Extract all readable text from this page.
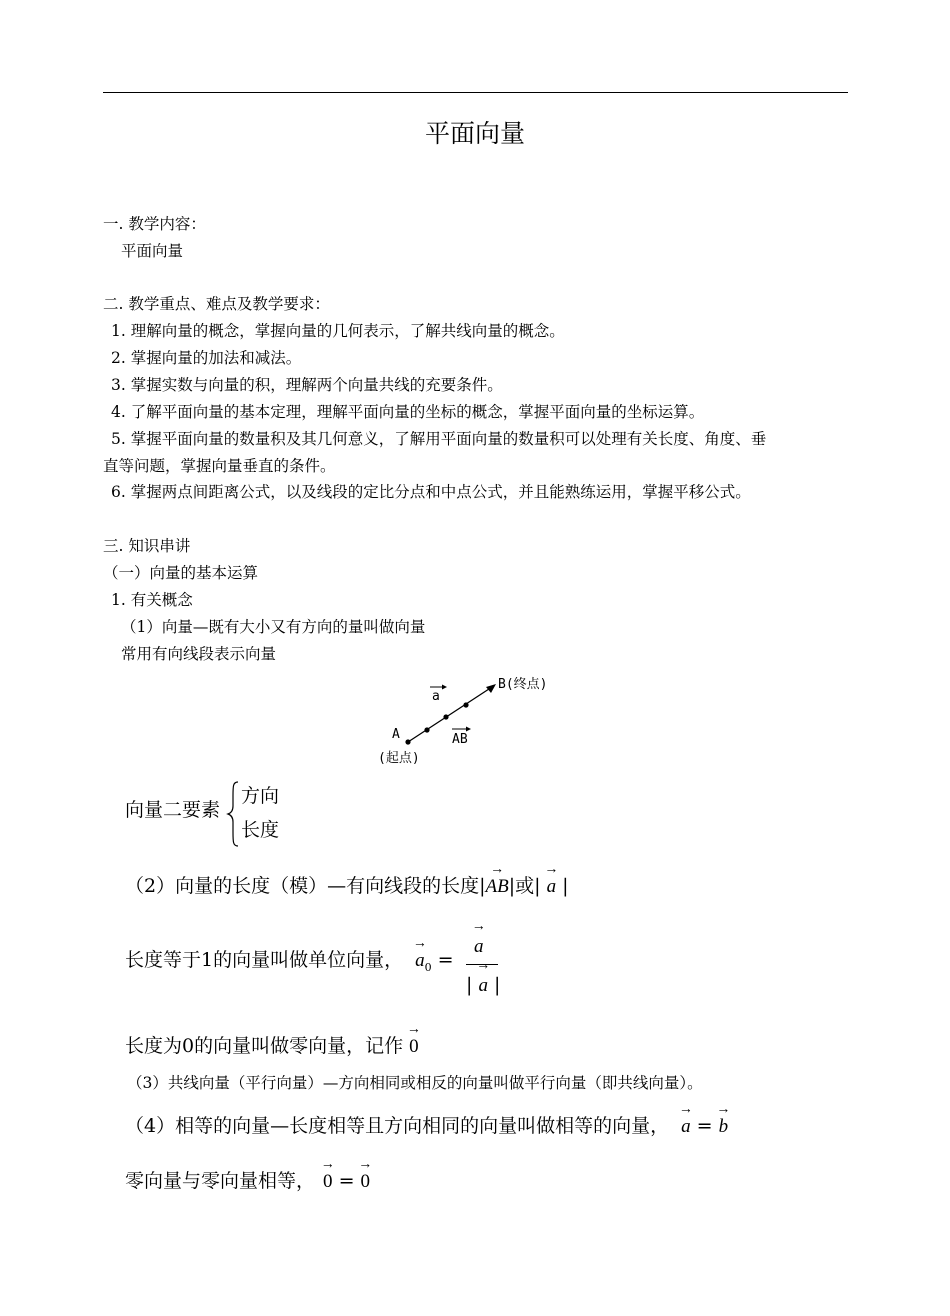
平面向量
一. 教学内容：
平面向量
二. 教学重点、难点及教学要求：
1. 理解向量的概念，掌握向量的几何表示，了解共线向量的概念。
2. 掌握向量的加法和减法。
3. 掌握实数与向量的积，理解两个向量共线的充要条件。
4. 了解平面向量的基本定理，理解平面向量的坐标的概念，掌握平面向量的坐标运算。
5. 掌握平面向量的数量积及其几何意义，了解用平面向量的数量积可以处理有关长度、角度、垂
直等问题，掌握向量垂直的条件。
6. 掌握两点间距离公式，以及线段的定比分点和中点公式，并且能熟练运用，掌握平移公式。
三. 知识串讲
（一）向量的基本运算
1. 有关概念
（1）向量—既有大小又有方向的量叫做向量
常用有向线段表示向量
a
B(终点)
AB
A
(起点)
向量二要素
方向
长度
（2）向量的长度（模）—有向线段的长度|
→
AB|或|
→
a |
长度等于1的向量叫做单位向量，
→
$a_0$ =
→
a
|
→
a |
长度为0的向量叫做零向量，记作
→
0
（3）共线向量（平行向量）—方向相同或相反的向量叫做平行向量（即共线向量）。
（4）相等的向量—长度相等且方向相同的向量叫做相等的向量，
→
a =
→
b
零向量与零向量相等，
→
0 =
→
0
